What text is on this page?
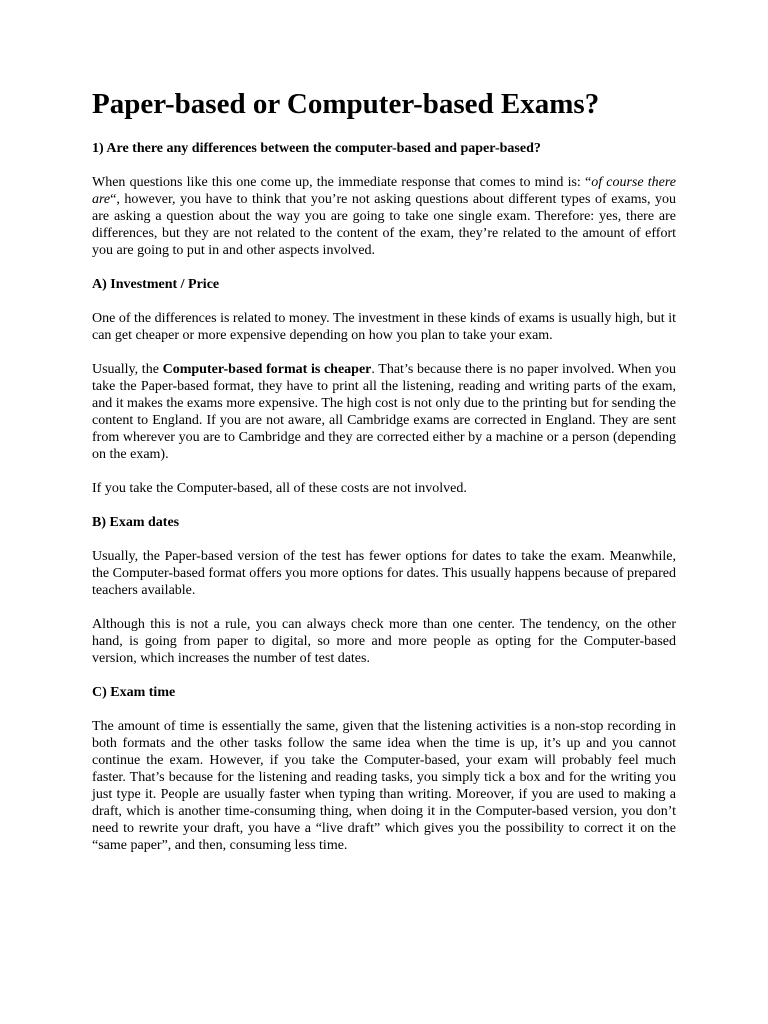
Paper-based or Computer-based Exams?
1) Are there any differences between the computer-based and paper-based?

When questions like this one come up, the immediate response that comes to mind is: “of course there are“, however, you have to think that you’re not asking questions about different types of exams, you are asking a question about the way you are going to take one single exam. Therefore: yes, there are differences, but they are not related to the content of the exam, they’re related to the amount of effort you are going to put in and other aspects involved.

A) Investment / Price

One of the differences is related to money. The investment in these kinds of exams is usually high, but it can get cheaper or more expensive depending on how you plan to take your exam.

Usually, the Computer-based format is cheaper. That’s because there is no paper involved. When you take the Paper-based format, they have to print all the listening, reading and writing parts of the exam, and it makes the exams more expensive. The high cost is not only due to the printing but for sending the content to England. If you are not aware, all Cambridge exams are corrected in England. They are sent from wherever you are to Cambridge and they are corrected either by a machine or a person (depending on the exam).

If you take the Computer-based, all of these costs are not involved.

B) Exam dates

Usually, the Paper-based version of the test has fewer options for dates to take the exam. Meanwhile, the Computer-based format offers you more options for dates. This usually happens because of prepared teachers available.

Although this is not a rule, you can always check more than one center. The tendency, on the other hand, is going from paper to digital, so more and more people as opting for the Computer-based version, which increases the number of test dates.

C) Exam time

The amount of time is essentially the same, given that the listening activities is a non-stop recording in both formats and the other tasks follow the same idea when the time is up, it’s up and you cannot continue the exam. However, if you take the Computer-based, your exam will probably feel much faster. That’s because for the listening and reading tasks, you simply tick a box and for the writing you just type it. People are usually faster when typing than writing. Moreover, if you are used to making a draft, which is another time-consuming thing, when doing it in the Computer-based version, you don’t need to rewrite your draft, you have a “live draft” which gives you the possibility to correct it on the “same paper”, and then, consuming less time.
